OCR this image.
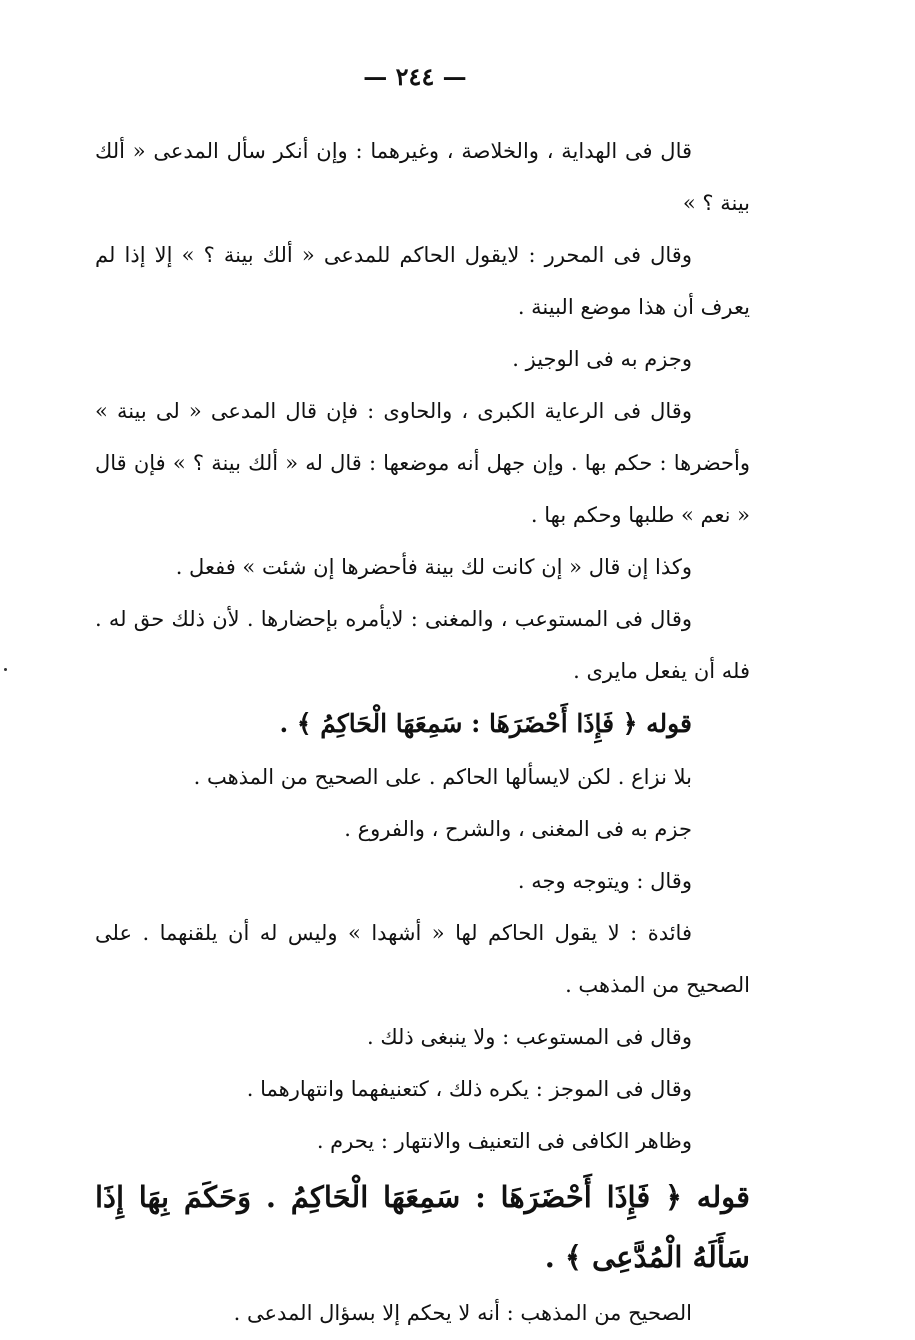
— ٢٤٤ —

قال فى الهداية ، والخلاصة ، وغيرهما : وإن أنكر سأل المدعى « ألك بينة ؟ »

وقال فى المحرر : لايقول الحاكم للمدعى « ألك بينة ؟ » إلا إذا لم يعرف أن هذا موضع البينة .

وجزم به فى الوجيز .

وقال فى الرعاية الكبرى ، والحاوى : فإن قال المدعى « لى بينة » وأحضرها : حكم بها . وإن جهل أنه موضعها : قال له « ألك بينة ؟ » فإن قال « نعم » طلبها وحكم بها .

وكذا إن قال « إن كانت لك بينة فأحضرها إن شئت » ففعل .

وقال فى المستوعب ، والمغنى : لايأمره بإحضارها . لأن ذلك حق له . فله أن يفعل مايرى .

قوله ﴿ فَإِذَا أَحْضَرَهَا : سَمِعَهَا الْحَاكِمُ ﴾ .

بلا نزاع . لكن لايسألها الحاكم . على الصحيح من المذهب .

جزم به فى المغنى ، والشرح ، والفروع .

وقال : ويتوجه وجه .

فائدة : لا يقول الحاكم لها « أشهدا » وليس له أن يلقنهما . على الصحيح من المذهب .

وقال فى المستوعب : ولا ينبغى ذلك .

وقال فى الموجز : يكره ذلك ، كتعنيفهما وانتهارهما .

وظاهر الكافى فى التعنيف والانتهار : يحرم .

قوله ﴿ فَإِذَا أَحْضَرَهَا : سَمِعَهَا الْحَاكِمُ . وَحَكَمَ بِهَا إِذَا سَأَلَهُ الْمُدَّعِى ﴾ .

الصحيح من المذهب : أنه لا يحكم إلا بسؤال المدعى .
